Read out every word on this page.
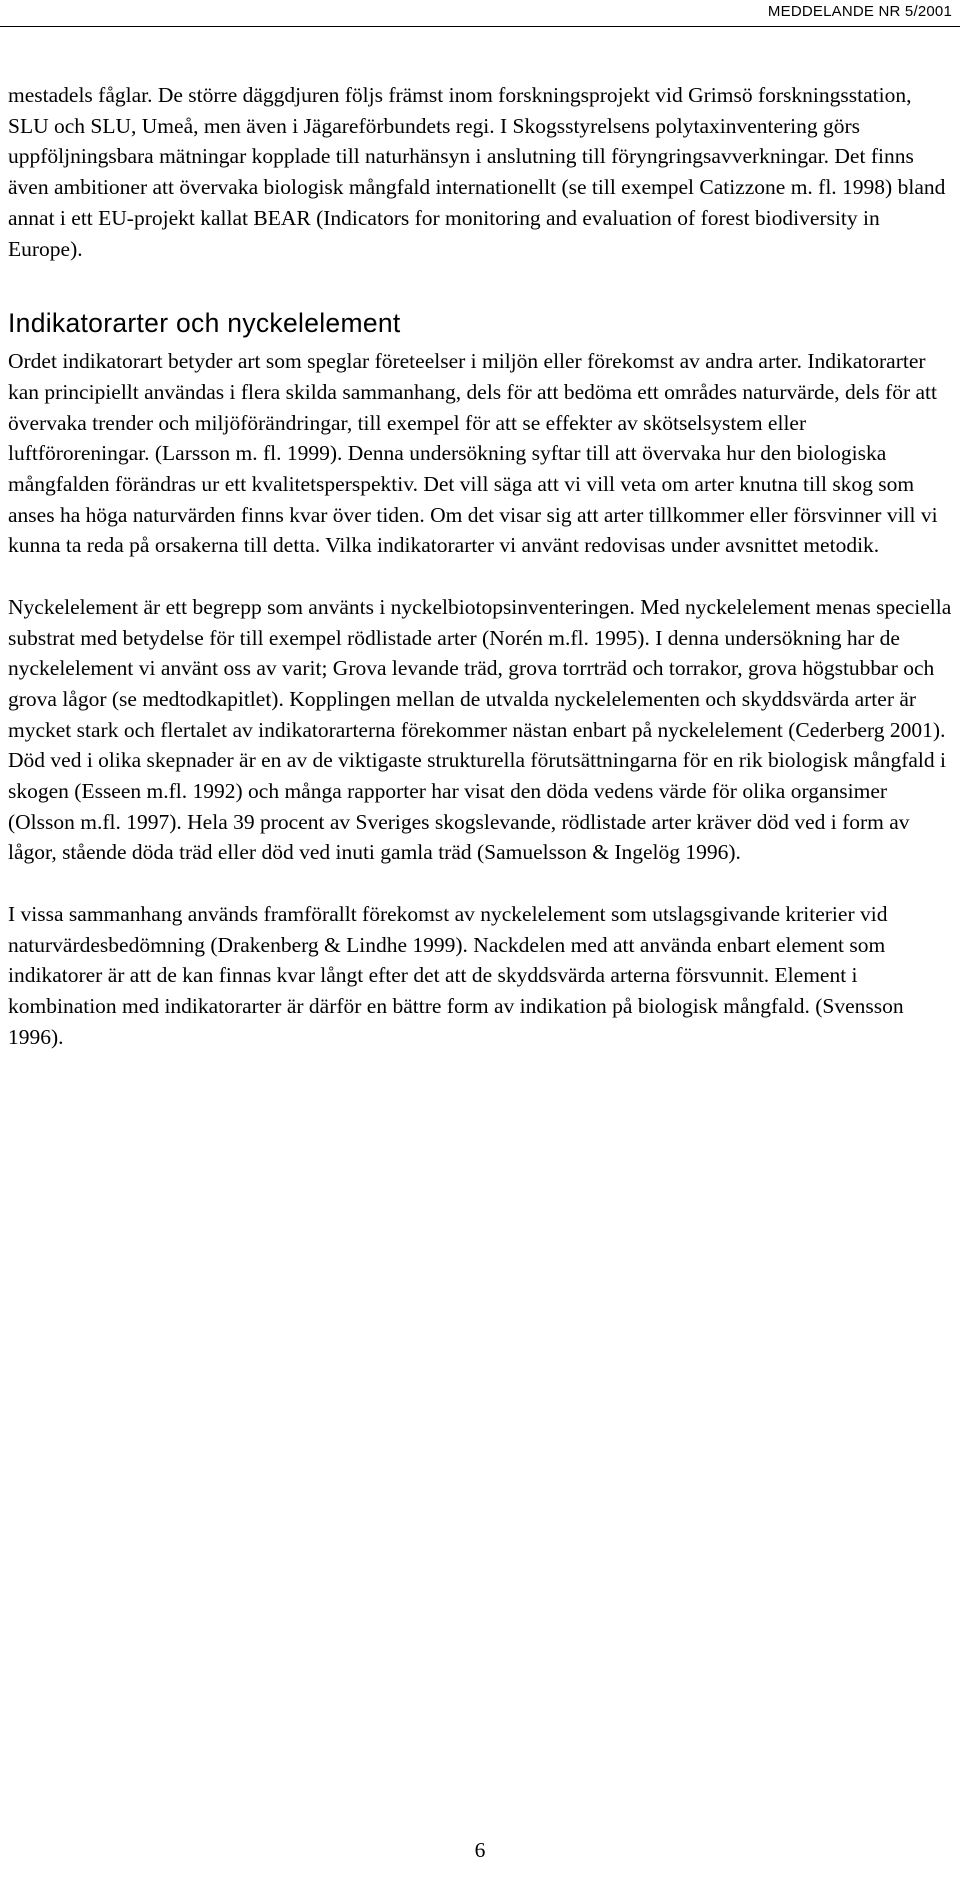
MEDDELANDE NR 5/2001

mestadels fåglar. De större däggdjuren följs främst inom forskningsprojekt vid Grimsö forskningsstation, SLU och SLU, Umeå, men även i Jägareförbundets regi. I Skogsstyrelsens polytaxinventering görs uppföljningsbara mätningar kopplade till naturhänsyn i anslutning till föryngringsavverkningar. Det finns även ambitioner att övervaka biologisk mångfald internationellt (se till exempel Catizzone m. fl. 1998) bland annat i ett EU-projekt kallat BEAR (Indicators for monitoring and evaluation of forest biodiversity in Europe).

Indikatorarter och nyckelelement

Ordet indikatorart betyder art som speglar företeelser i miljön eller förekomst av andra arter. Indikatorarter kan principiellt användas i flera skilda sammanhang, dels för att bedöma ett områdes naturvärde, dels för att övervaka trender och miljöförändringar, till exempel för att se effekter av skötselsystem eller luftföroreningar. (Larsson m. fl. 1999). Denna undersökning syftar till att övervaka hur den biologiska mångfalden förändras ur ett kvalitetsperspektiv. Det vill säga att vi vill veta om arter knutna till skog som anses ha höga naturvärden finns kvar över tiden. Om det visar sig att arter tillkommer eller försvinner vill vi kunna ta reda på orsakerna till detta. Vilka indikatorarter vi använt redovisas under avsnittet metodik.

Nyckelelement är ett begrepp som använts i nyckelbiotopsinventeringen. Med nyckelelement menas speciella substrat med betydelse för till exempel rödlistade arter (Norén m.fl. 1995). I denna undersökning har de nyckelelement vi använt oss av varit; Grova levande träd, grova torrträd och torrakor, grova högstubbar och grova lågor (se medtodkapitlet). Kopplingen mellan de utvalda nyckelelementen och skyddsvärda arter är mycket stark och flertalet av indikatorarterna förekommer nästan enbart på nyckelelement (Cederberg 2001). Död ved i olika skepnader är en av de viktigaste strukturella förutsättningarna för en rik biologisk mångfald i skogen (Esseen m.fl. 1992) och många rapporter har visat den döda vedens värde för olika organsimer (Olsson m.fl. 1997). Hela 39 procent av Sveriges skogslevande, rödlistade arter kräver död ved i form av lågor, stående döda träd eller död ved inuti gamla träd (Samuelsson & Ingelög 1996).

I vissa sammanhang används framförallt förekomst av nyckelelement som utslagsgivande kriterier vid naturvärdesbedömning (Drakenberg & Lindhe 1999). Nackdelen med att använda enbart element som indikatorer är att de kan finnas kvar långt efter det att de skyddsvärda arterna försvunnit. Element i kombination med indikatorarter är därför en bättre form av indikation på biologisk mångfald. (Svensson 1996).

6
